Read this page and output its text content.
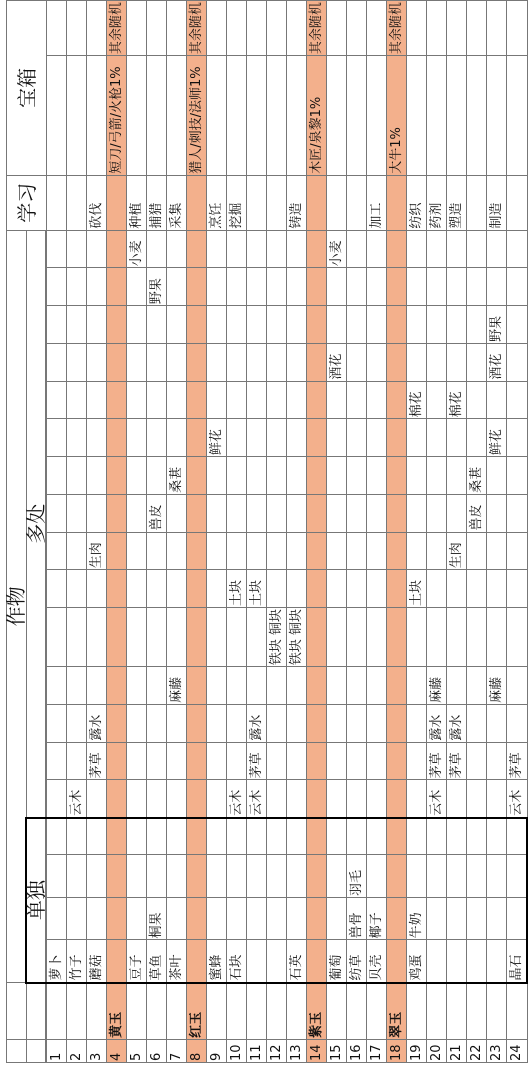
		作物																			学习	宝箱	
		单独				多处																	

1		萝卜																					
2		竹子				云木																	
3		蘑菇					茅草	露水				生肉									砍伐		
4	黄玉																					短刀/弓箭/火枪1%	其余随机
5		豆子																		小麦	种植		
6		草鱼	桐果										兽皮						野果		捕猎		
7		茶叶							麻藤					桑葚							采集		
8	红玉																					猎人/刺技/法师1%	其余随机
9		蜜蜂													鲜花						烹饪		
10		石块				云木					土块										挖掘		
11						云木	茅草	露水			土块												
12										铁块 铜块													
13		石英								铁块 铜块											铸造		
14	紫玉																					木匠/泉黎1%	其余随机
15		葡萄															酒花			小麦			
16		纺草	兽骨	羽毛																			
17		贝壳	椰子																		加工		
18	翠玉																					大牛1%	其余随机
19		鸡蛋	牛奶								土块					棉花					纺织		
20						云木	茅草	露水	麻藤												药剂		
21							茅草	露水				生肉				棉花					塑造		
22													兽皮	桑葚									
23									麻藤						鲜花		酒花	野果			制造		
24		晶石				云木	茅草																
